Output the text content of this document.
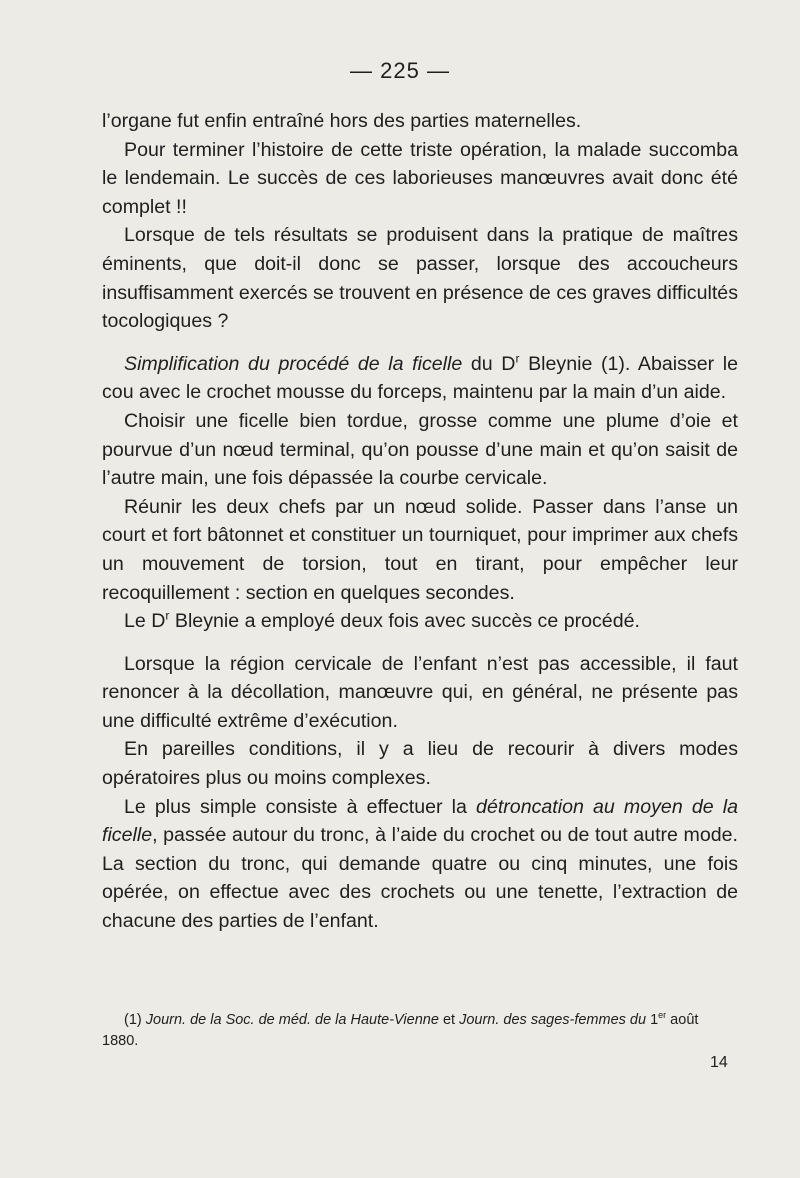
— 225 —

l’organe fut enfin entraîné hors des parties maternelles.

Pour terminer l’histoire de cette triste opération, la malade succomba le lendemain. Le succès de ces laborieuses manœuvres avait donc été complet !!

Lorsque de tels résultats se produisent dans la pratique de maîtres éminents, que doit-il donc se passer, lorsque des accoucheurs insuffisamment exercés se trouvent en présence de ces graves difficultés tocologiques ?

Simplification du procédé de la ficelle du $D^r$ Bleynie (1). Abaisser le cou avec le crochet mousse du forceps, maintenu par la main d’un aide.

Choisir une ficelle bien tordue, grosse comme une plume d’oie et pourvue d’un nœud terminal, qu’on pousse d’une main et qu’on saisit de l’autre main, une fois dépassée la courbe cervicale.

Réunir les deux chefs par un nœud solide. Passer dans l’anse un court et fort bâtonnet et constituer un tourniquet, pour imprimer aux chefs un mouvement de torsion, tout en tirant, pour empêcher leur recoquillement : section en quelques secondes.

Le $D^r$ Bleynie a employé deux fois avec succès ce procédé.

Lorsque la région cervicale de l’enfant n’est pas accessible, il faut renoncer à la décollation, manœuvre qui, en général, ne présente pas une difficulté extrême d’exécution.

En pareilles conditions, il y a lieu de recourir à divers modes opératoires plus ou moins complexes.

Le plus simple consiste à effectuer la détroncation au moyen de la ficelle, passée autour du tronc, à l’aide du crochet ou de tout autre mode. La section du tronc, qui demande quatre ou cinq minutes, une fois opérée, on effectue avec des crochets ou une tenette, l’extraction de chacune des parties de l’enfant.

(1) Journ. de la Soc. de méd. de la Haute-Vienne et Journ. des sages-femmes du 1er août 1880.
14
